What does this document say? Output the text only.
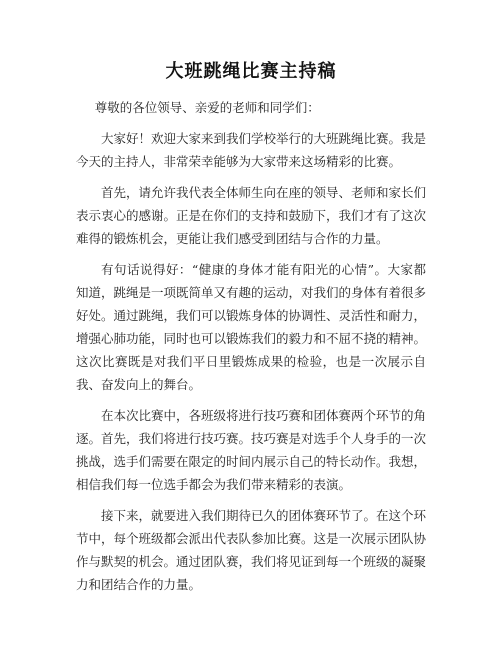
大班跳绳比赛主持稿

尊敬的各位领导、亲爱的老师和同学们：

大家好！欢迎大家来到我们学校举行的大班跳绳比赛。我是今天的主持人，非常荣幸能够为大家带来这场精彩的比赛。

首先，请允许我代表全体师生向在座的领导、老师和家长们表示衷心的感谢。正是在你们的支持和鼓励下，我们才有了这次难得的锻炼机会，更能让我们感受到团结与合作的力量。

有句话说得好：“健康的身体才能有阳光的心情”。大家都知道，跳绳是一项既简单又有趣的运动，对我们的身体有着很多好处。通过跳绳，我们可以锻炼身体的协调性、灵活性和耐力，增强心肺功能，同时也可以锻炼我们的毅力和不屈不挠的精神。这次比赛既是对我们平日里锻炼成果的检验，也是一次展示自我、奋发向上的舞台。

在本次比赛中，各班级将进行技巧赛和团体赛两个环节的角逐。首先，我们将进行技巧赛。技巧赛是对选手个人身手的一次挑战，选手们需要在限定的时间内展示自己的特长动作。我想，相信我们每一位选手都会为我们带来精彩的表演。

接下来，就要进入我们期待已久的团体赛环节了。在这个环节中，每个班级都会派出代表队参加比赛。这是一次展示团队协作与默契的机会。通过团队赛，我们将见证到每一个班级的凝聚力和团结合作的力量。
